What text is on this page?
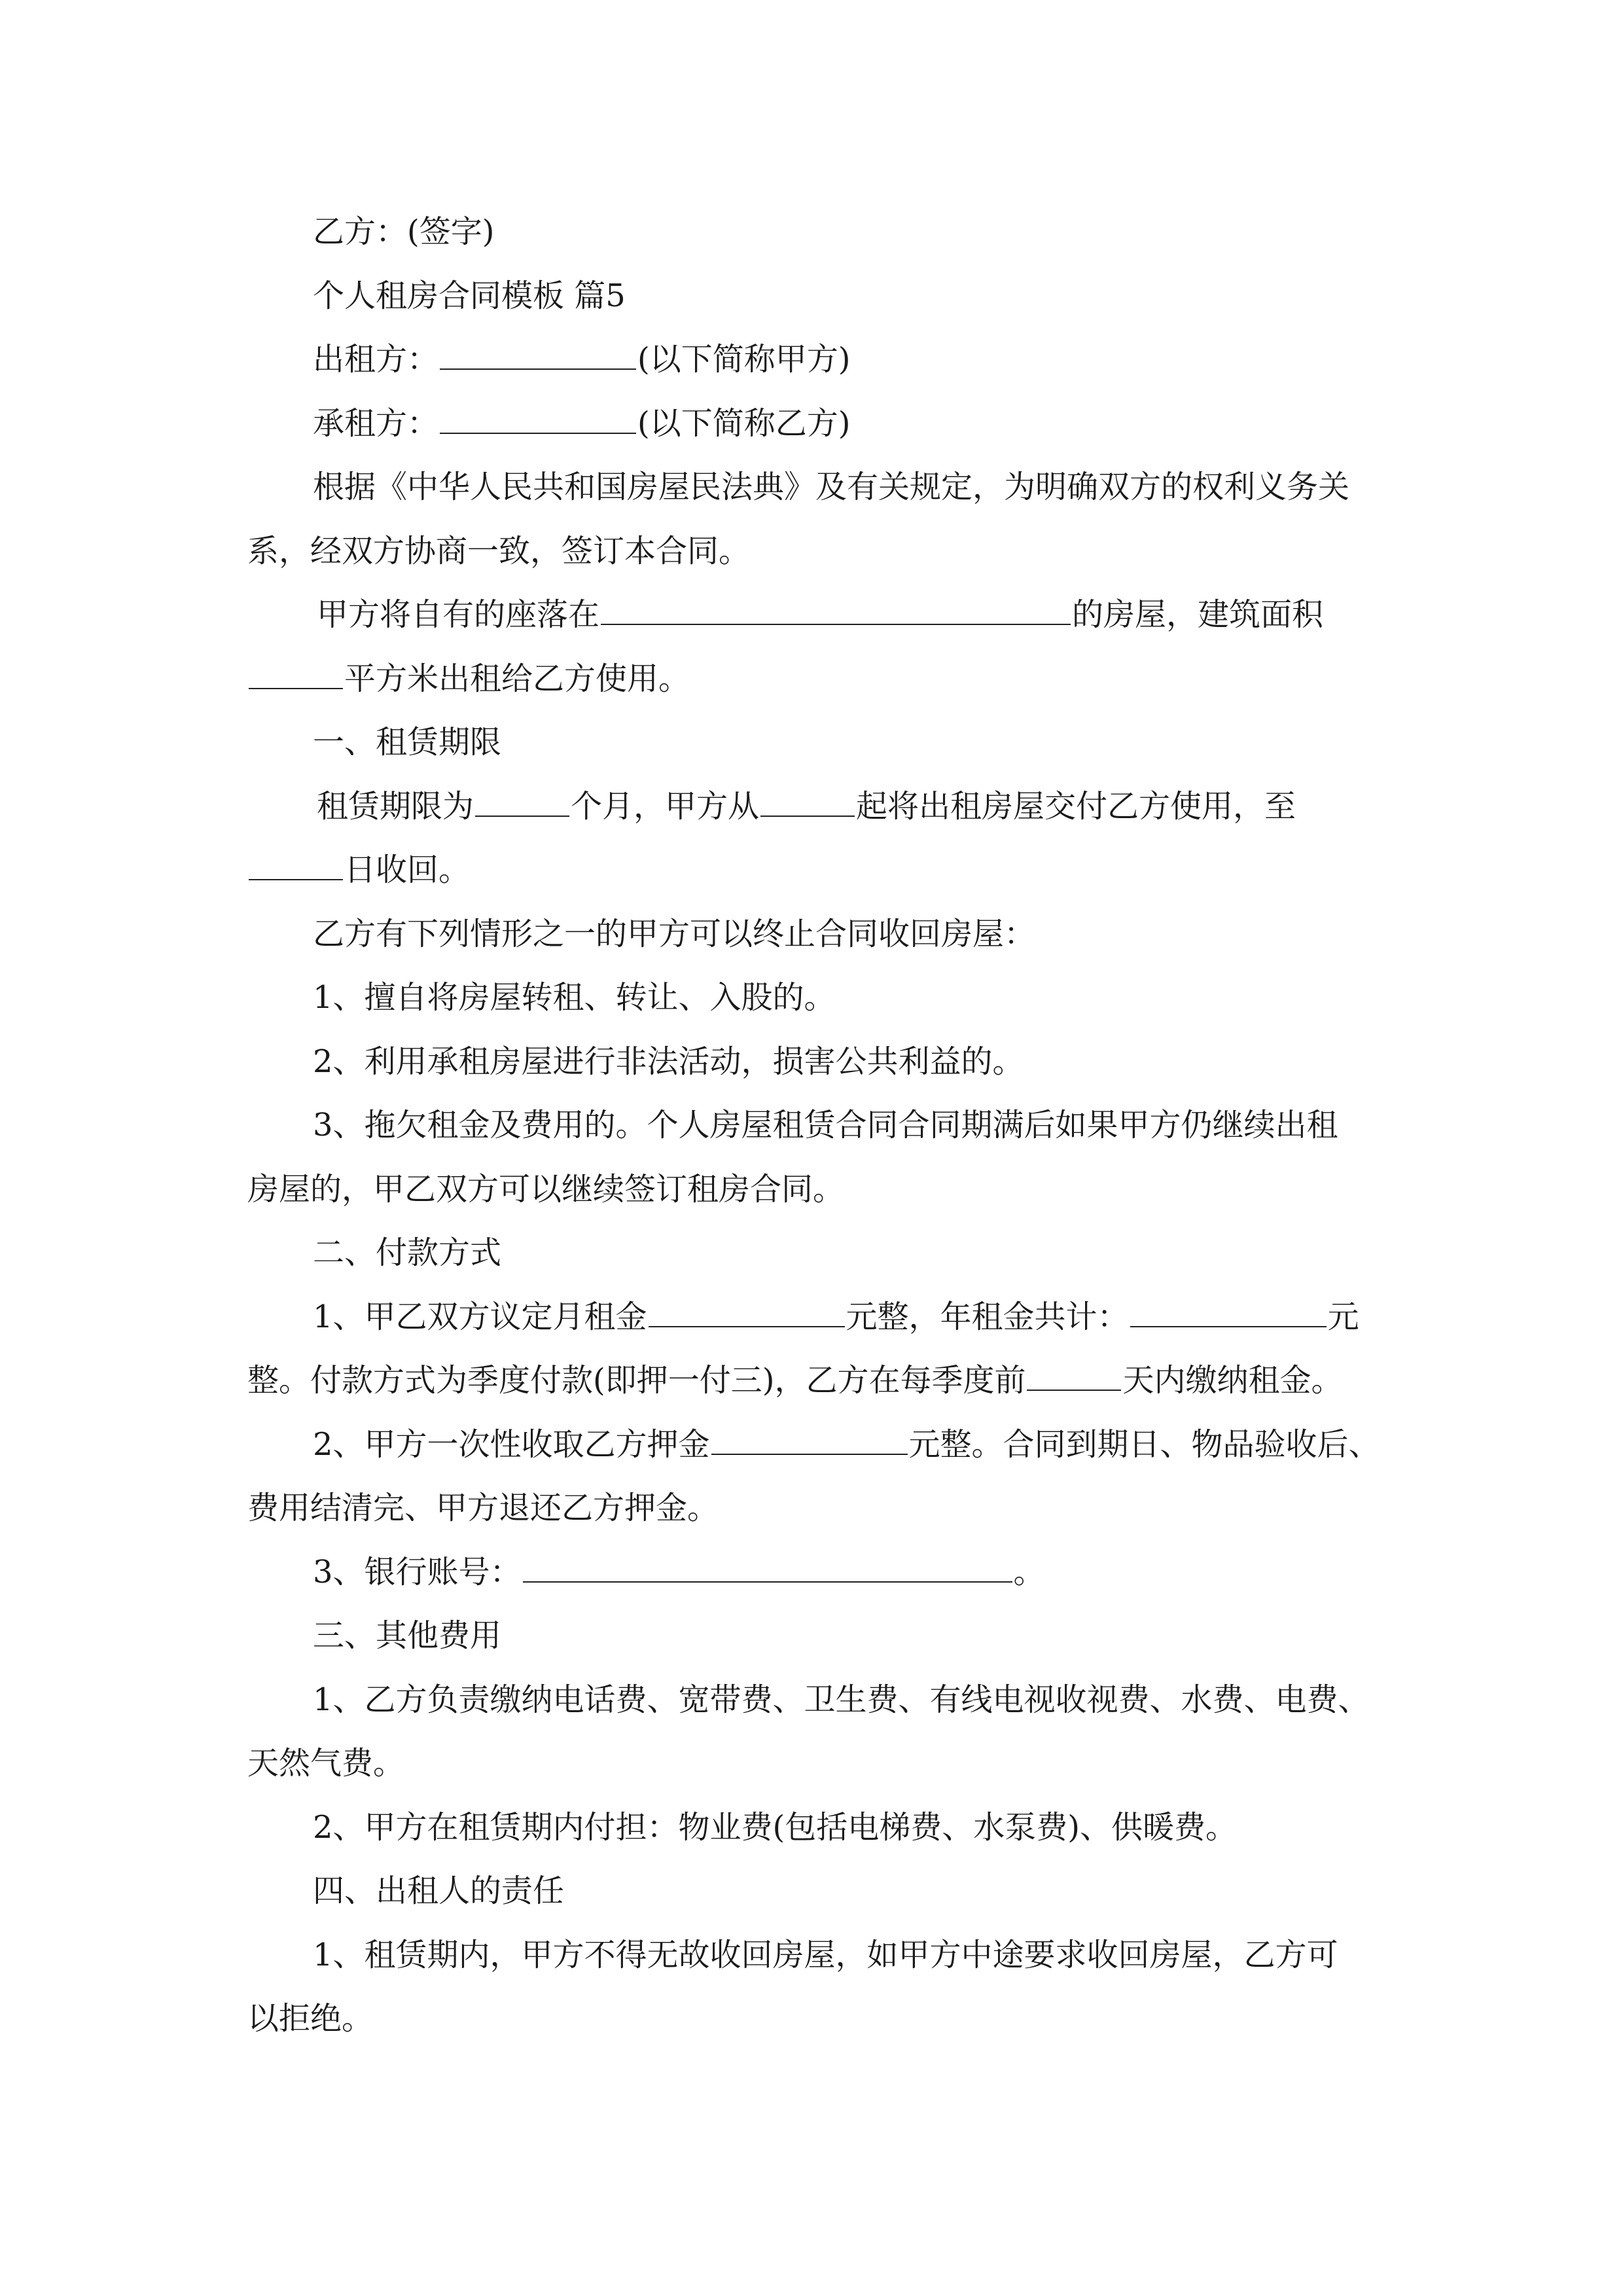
乙方：(签字)
个人租房合同模板 篇5
出租方：	(以下简称甲方)
承租方：	(以下简称乙方)
根据《中华人民共和国房屋民法典》及有关规定，为明确双方的权利义务关
系，经双方协商一致，签订本合同。
甲方将自有的座落在	的房屋，建筑面积
平方米出租给乙方使用。
一、租赁期限
租赁期限为	个月，甲方从	起将出租房屋交付乙方使用，至
日收回。
乙方有下列情形之一的甲方可以终止合同收回房屋：
1、擅自将房屋转租、转让、入股的。
2、利用承租房屋进行非法活动，损害公共利益的。
3、拖欠租金及费用的。个人房屋租赁合同合同期满后如果甲方仍继续出租
房屋的，甲乙双方可以继续签订租房合同。
二、付款方式
1、甲乙双方议定月租金	元整，年租金共计：	元
整。付款方式为季度付款(即押一付三)，乙方在每季度前	天内缴纳租金。
2、甲方一次性收取乙方押金	元整。合同到期日、物品验收后、
费用结清完、甲方退还乙方押金。
3、银行账号：	。
三、其他费用
1、乙方负责缴纳电话费、宽带费、卫生费、有线电视收视费、水费、电费、
天然气费。
2、甲方在租赁期内付担：物业费(包括电梯费、水泵费)、供暖费。
四、出租人的责任
1、租赁期内，甲方不得无故收回房屋，如甲方中途要求收回房屋，乙方可
以拒绝。
